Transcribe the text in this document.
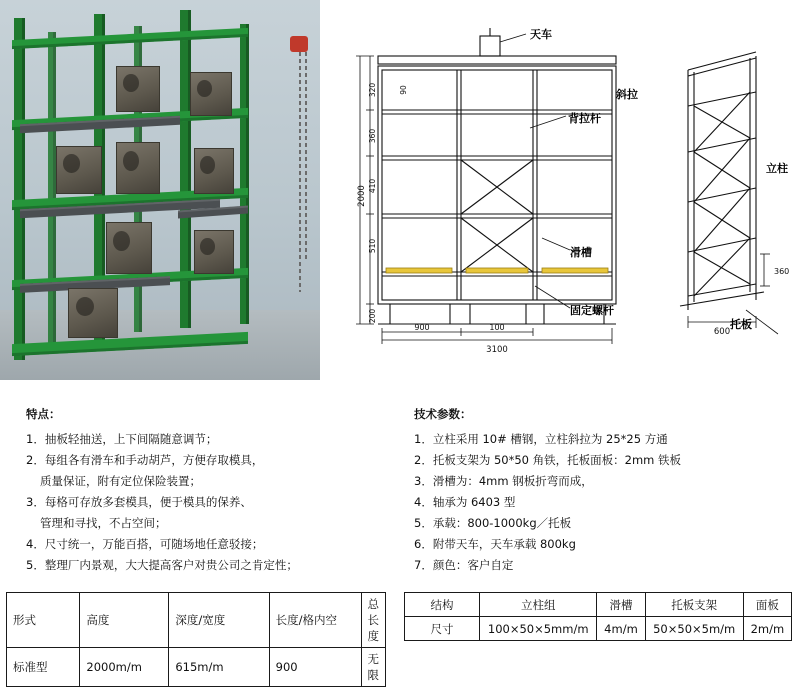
2000
320
360
410
510
200
90
900	100
3100
天车
背拉杆
滑槽
固定螺杆
360
600
斜拉
立柱
托板
特点：
1．抽板轻抽送，上下间隔随意调节；
2．每组各有滑车和手动胡芦，方便存取模具，
质量保证，附有定位保险装置；
3．每格可存放多套模具，便于模具的保养、
管理和寻找，不占空间；
4．尺寸统一，万能百搭，可随场地任意驳接；
5．整理厂内景观，大大提高客户对贵公司之肯定性；
技术参数：
1．立柱采用 10# 槽钢，立柱斜拉为 25*25 方通
2．托板支架为 50*50 角铁，托板面板：2mm 铁板
3．滑槽为：4mm 钢板折弯而成，
4．轴承为 6403 型
5．承载：800-1000kg／托板
6．附带天车，天车承载 800kg
7．颜色：客户自定
形式	高度	深度/宽度	长度/格内空	总长度
标准型	2000m/m	615m/m	900	无限
结构	立柱组	滑槽	托板支架	面板
尺寸	100×50×5mm/m	4m/m	50×50×5m/m	2m/m
